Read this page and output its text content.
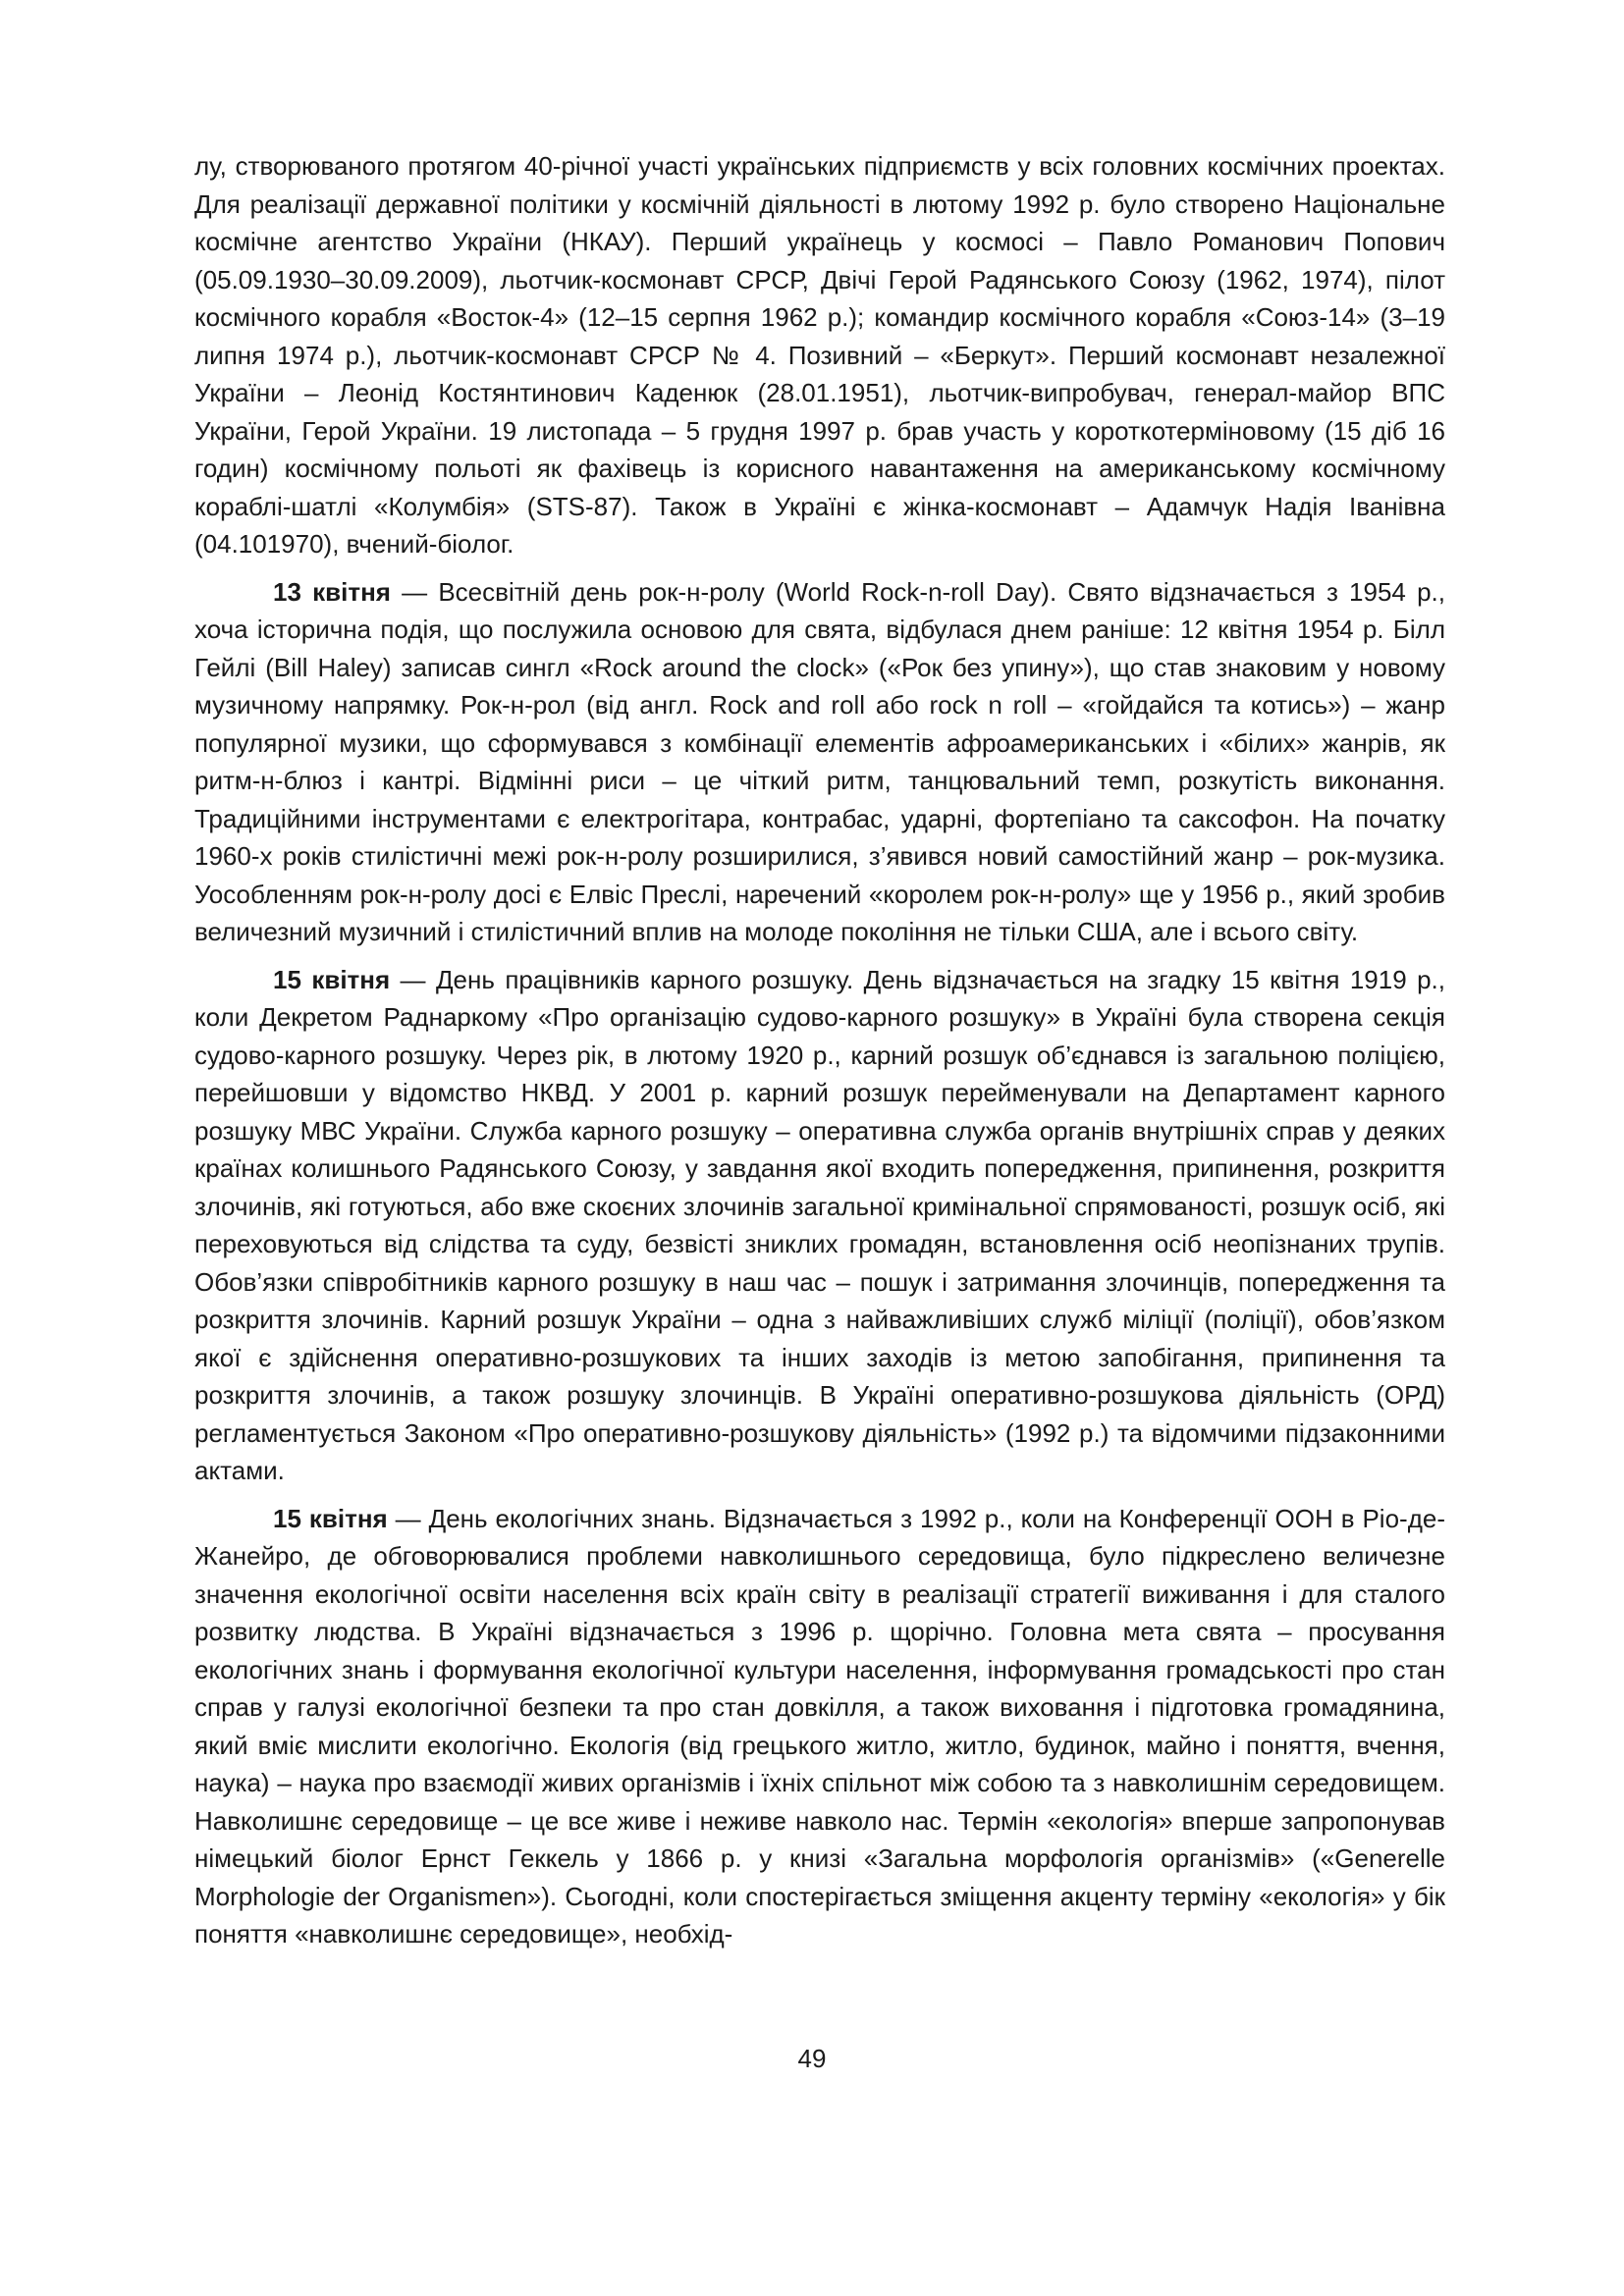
лу, створюваного протягом 40-річної участі українських підприємств у всіх головних космічних проектах. Для реалізації державної політики у космічній діяльності в лютому 1992 р. було створено Національне космічне агентство України (НКАУ). Перший українець у космосі – Павло Романович Попович (05.09.1930–30.09.2009), льотчик-космонавт СРСР, Двічі Герой Радянського Союзу (1962, 1974), пілот космічного корабля «Восток-4» (12–15 серпня 1962 р.); командир космічного корабля «Союз-14» (3–19 липня 1974 р.), льотчик-космонавт СРСР № 4. Позивний – «Беркут». Перший космонавт незалежної України – Леонід Костянтинович Каденюк (28.01.1951), льотчик-випробувач, генерал-майор ВПС України, Герой України. 19 листопада – 5 грудня 1997 р. брав участь у короткотерміновому (15 діб 16 годин) космічному польоті як фахівець із корисного навантаження на американському космічному кораблі-шатлі «Колумбія» (STS-87). Також в Україні є жінка-космонавт – Адамчук Надія Іванівна (04.101970), вчений-біолог.

13 квітня — Всесвітній день рок-н-ролу (World Rock-n-roll Day). Свято відзначається з 1954 р., хоча історична подія, що послужила основою для свята, відбулася днем раніше: 12 квітня 1954 р. Білл Гейлі (Bill Haley) записав сингл «Rock around the clock» («Рок без упину»), що став знаковим у новому музичному напрямку. Рок-н-рол (від англ. Rock and roll або rock n roll – «гойдайся та котись») – жанр популярної музики, що сформувався з комбінації елементів афроамериканських і «білих» жанрів, як ритм-н-блюз і кантрі. Відмінні риси – це чіткий ритм, танцювальний темп, розкутість виконання. Традиційними інструментами є електрогітара, контрабас, ударні, фортепіано та саксофон. На початку 1960-х років стилістичні межі рок-н-ролу розширилися, з’явився новий самостійний жанр – рок-музика. Уособленням рок-н-ролу досі є Елвіс Преслі, наречений «королем рок-н-ролу» ще у 1956 р., який зробив величезний музичний і стилістичний вплив на молоде покоління не тільки США, але і всього світу.

15 квітня — День працівників карного розшуку. День відзначається на згадку 15 квітня 1919 р., коли Декретом Раднаркому «Про організацію судово-карного розшуку» в Україні була створена секція судово-карного розшуку. Через рік, в лютому 1920 р., карний розшук об’єднався із загальною поліцією, перейшовши у відомство НКВД. У 2001 р. карний розшук перейменували на Департамент карного розшуку МВС України. Служба карного розшуку – оперативна служба органів внутрішніх справ у деяких країнах колишнього Радянського Союзу, у завдання якої входить попередження, припинення, розкриття злочинів, які готуються, або вже скоєних злочинів загальної кримінальної спрямованості, розшук осіб, які переховуються від слідства та суду, безвісті зниклих громадян, встановлення осіб неопізнаних трупів. Обов’язки співробітників карного розшуку в наш час – пошук і затримання злочинців, попередження та розкриття злочинів. Карний розшук України – одна з найважливіших служб міліції (поліції), обов’язком якої є здійснення оперативно-розшукових та інших заходів із метою запобігання, припинення та розкриття злочинів, а також розшуку злочинців. В Україні оперативно-розшукова діяльність (ОРД) регламентується Законом «Про оперативно-розшукову діяльність» (1992 р.) та відомчими підзаконними актами.

15 квітня — День екологічних знань. Відзначається з 1992 р., коли на Конференції ООН в Ріо-де-Жанейро, де обговорювалися проблеми навколишнього середовища, було підкреслено величезне значення екологічної освіти населення всіх країн світу в реалізації стратегії виживання і для сталого розвитку людства. В Україні відзначається з 1996 р. щорічно. Головна мета свята – просування екологічних знань і формування екологічної культури населення, інформування громадськості про стан справ у галузі екологічної безпеки та про стан довкілля, а також виховання і підготовка громадянина, який вміє мислити екологічно. Екологія (від грецького житло, житло, будинок, майно і поняття, вчення, наука) – наука про взаємодії живих організмів і їхніх спільнот між собою та з навколишнім середовищем. Навколишнє середовище – це все живе і неживе навколо нас. Термін «екологія» вперше запропонував німецький біолог Ернст Геккель у 1866 р. у книзі «Загальна морфологія організмів» («Generelle Morphologie der Organismen»). Сьогодні, коли спостерігається зміщення акценту терміну «екологія» у бік поняття «навколишнє середовище», необхід-

49
